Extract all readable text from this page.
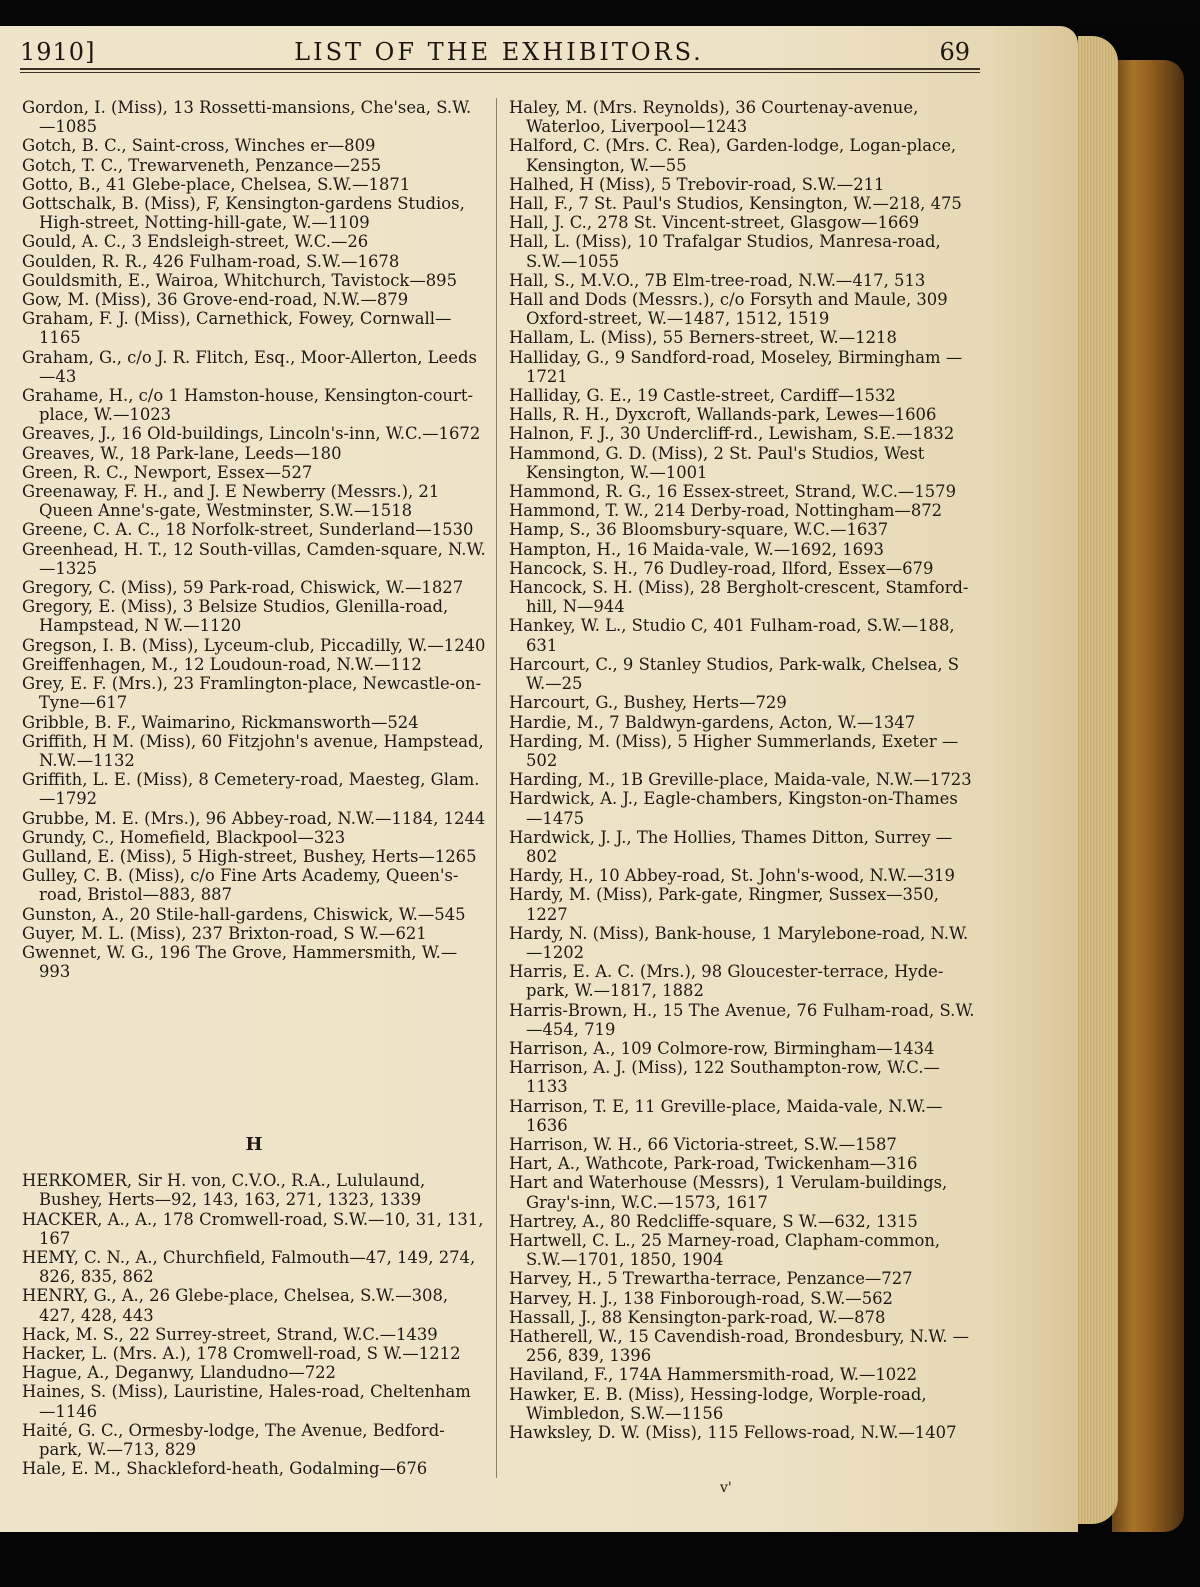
1910]	LIST OF THE EXHIBITORS.	69
Gordon, I. (Miss), 13 Rossetti-mansions, Che'sea, S.W. —1085
Gotch, B. C., Saint-cross, Winches er—809
Gotch, T. C., Trewarveneth, Penzance—255
Gotto, B., 41 Glebe-place, Chelsea, S.W.—1871
Gottschalk, B. (Miss), F, Kensington-gardens Studios, High-street, Notting-hill-gate, W.—1109
Gould, A. C., 3 Endsleigh-street, W.C.—26
Goulden, R. R., 426 Fulham-road, S.W.—1678
Gouldsmith, E., Wairoa, Whitchurch, Tavistock—895
Gow, M. (Miss), 36 Grove-end-road, N.W.—879
Graham, F. J. (Miss), Carnethick, Fowey, Cornwall—1165
Graham, G., c/o J. R. Flitch, Esq., Moor-Allerton, Leeds—43
Grahame, H., c/o 1 Hamston-house, Kensington-court-place, W.—1023
Greaves, J., 16 Old-buildings, Lincoln's-inn, W.C.—1672
Greaves, W., 18 Park-lane, Leeds—180
Green, R. C., Newport, Essex—527
Greenaway, F. H., and J. E Newberry (Messrs.), 21 Queen Anne's-gate, Westminster, S.W.—1518
Greene, C. A. C., 18 Norfolk-street, Sunderland—1530
Greenhead, H. T., 12 South-villas, Camden-square, N.W.—1325
Gregory, C. (Miss), 59 Park-road, Chiswick, W.—1827
Gregory, E. (Miss), 3 Belsize Studios, Glenilla-road, Hampstead, N W.—1120
Gregson, I. B. (Miss), Lyceum-club, Piccadilly, W.—1240
Greiffenhagen, M., 12 Loudoun-road, N.W.—112
Grey, E. F. (Mrs.), 23 Framlington-place, Newcastle-on-Tyne—617
Gribble, B. F., Waimarino, Rickmansworth—524
Griffith, H M. (Miss), 60 Fitzjohn's avenue, Hampstead, N.W.—1132
Griffith, L. E. (Miss), 8 Cemetery-road, Maesteg, Glam. —1792
Grubbe, M. E. (Mrs.), 96 Abbey-road, N.W.—1184, 1244
Grundy, C., Homefield, Blackpool—323
Gulland, E. (Miss), 5 High-street, Bushey, Herts—1265
Gulley, C. B. (Miss), c/o Fine Arts Academy, Queen's-road, Bristol—883, 887
Gunston, A., 20 Stile-hall-gardens, Chiswick, W.—545
Guyer, M. L. (Miss), 237 Brixton-road, S W.—621
Gwennet, W. G., 196 The Grove, Hammersmith, W.—993
H
HERKOMER, Sir H. von, C.V.O., R.A., Lululaund, Bushey, Herts—92, 143, 163, 271, 1323, 1339
HACKER, A., A., 178 Cromwell-road, S.W.—10, 31, 131, 167
HEMY, C. N., A., Churchfield, Falmouth—47, 149, 274, 826, 835, 862
HENRY, G., A., 26 Glebe-place, Chelsea, S.W.—308, 427, 428, 443
Hack, M. S., 22 Surrey-street, Strand, W.C.—1439
Hacker, L. (Mrs. A.), 178 Cromwell-road, S W.—1212
Hague, A., Deganwy, Llandudno—722
Haines, S. (Miss), Lauristine, Hales-road, Cheltenham—1146
Haité, G. C., Ormesby-lodge, The Avenue, Bedford-park, W.—713, 829
Hale, E. M., Shackleford-heath, Godalming—676
Haley, M. (Mrs. Reynolds), 36 Courtenay-avenue, Waterloo, Liverpool—1243
Halford, C. (Mrs. C. Rea), Garden-lodge, Logan-place, Kensington, W.—55
Halhed, H (Miss), 5 Trebovir-road, S.W.—211
Hall, F., 7 St. Paul's Studios, Kensington, W.—218, 475
Hall, J. C., 278 St. Vincent-street, Glasgow—1669
Hall, L. (Miss), 10 Trafalgar Studios, Manresa-road, S.W.—1055
Hall, S., M.V.O., 7B Elm-tree-road, N.W.—417, 513
Hall and Dods (Messrs.), c/o Forsyth and Maule, 309 Oxford-street, W.—1487, 1512, 1519
Hallam, L. (Miss), 55 Berners-street, W.—1218
Halliday, G., 9 Sandford-road, Moseley, Birmingham —1721
Halliday, G. E., 19 Castle-street, Cardiff—1532
Halls, R. H., Dyxcroft, Wallands-park, Lewes—1606
Halnon, F. J., 30 Undercliff-rd., Lewisham, S.E.—1832
Hammond, G. D. (Miss), 2 St. Paul's Studios, West Kensington, W.—1001
Hammond, R. G., 16 Essex-street, Strand, W.C.—1579
Hammond, T. W., 214 Derby-road, Nottingham—872
Hamp, S., 36 Bloomsbury-square, W.C.—1637
Hampton, H., 16 Maida-vale, W.—1692, 1693
Hancock, S. H., 76 Dudley-road, Ilford, Essex—679
Hancock, S. H. (Miss), 28 Bergholt-crescent, Stamford-hill, N—944
Hankey, W. L., Studio C, 401 Fulham-road, S.W.—188, 631
Harcourt, C., 9 Stanley Studios, Park-walk, Chelsea, S W.—25
Harcourt, G., Bushey, Herts—729
Hardie, M., 7 Baldwyn-gardens, Acton, W.—1347
Harding, M. (Miss), 5 Higher Summerlands, Exeter —502
Harding, M., 1B Greville-place, Maida-vale, N.W.—1723
Hardwick, A. J., Eagle-chambers, Kingston-on-Thames —1475
Hardwick, J. J., The Hollies, Thames Ditton, Surrey —802
Hardy, H., 10 Abbey-road, St. John's-wood, N.W.—319
Hardy, M. (Miss), Park-gate, Ringmer, Sussex—350, 1227
Hardy, N. (Miss), Bank-house, 1 Marylebone-road, N.W.—1202
Harris, E. A. C. (Mrs.), 98 Gloucester-terrace, Hyde-park, W.—1817, 1882
Harris-Brown, H., 15 The Avenue, 76 Fulham-road, S.W.—454, 719
Harrison, A., 109 Colmore-row, Birmingham—1434
Harrison, A. J. (Miss), 122 Southampton-row, W.C.—1133
Harrison, T. E, 11 Greville-place, Maida-vale, N.W.—1636
Harrison, W. H., 66 Victoria-street, S.W.—1587
Hart, A., Wathcote, Park-road, Twickenham—316
Hart and Waterhouse (Messrs), 1 Verulam-buildings, Gray's-inn, W.C.—1573, 1617
Hartrey, A., 80 Redcliffe-square, S W.—632, 1315
Hartwell, C. L., 25 Marney-road, Clapham-common, S.W.—1701, 1850, 1904
Harvey, H., 5 Trewartha-terrace, Penzance—727
Harvey, H. J., 138 Finborough-road, S.W.—562
Hassall, J., 88 Kensington-park-road, W.—878
Hatherell, W., 15 Cavendish-road, Brondesbury, N.W. —256, 839, 1396
Haviland, F., 174A Hammersmith-road, W.—1022
Hawker, E. B. (Miss), Hessing-lodge, Worple-road, Wimbledon, S.W.—1156
Hawksley, D. W. (Miss), 115 Fellows-road, N.W.—1407
v'
